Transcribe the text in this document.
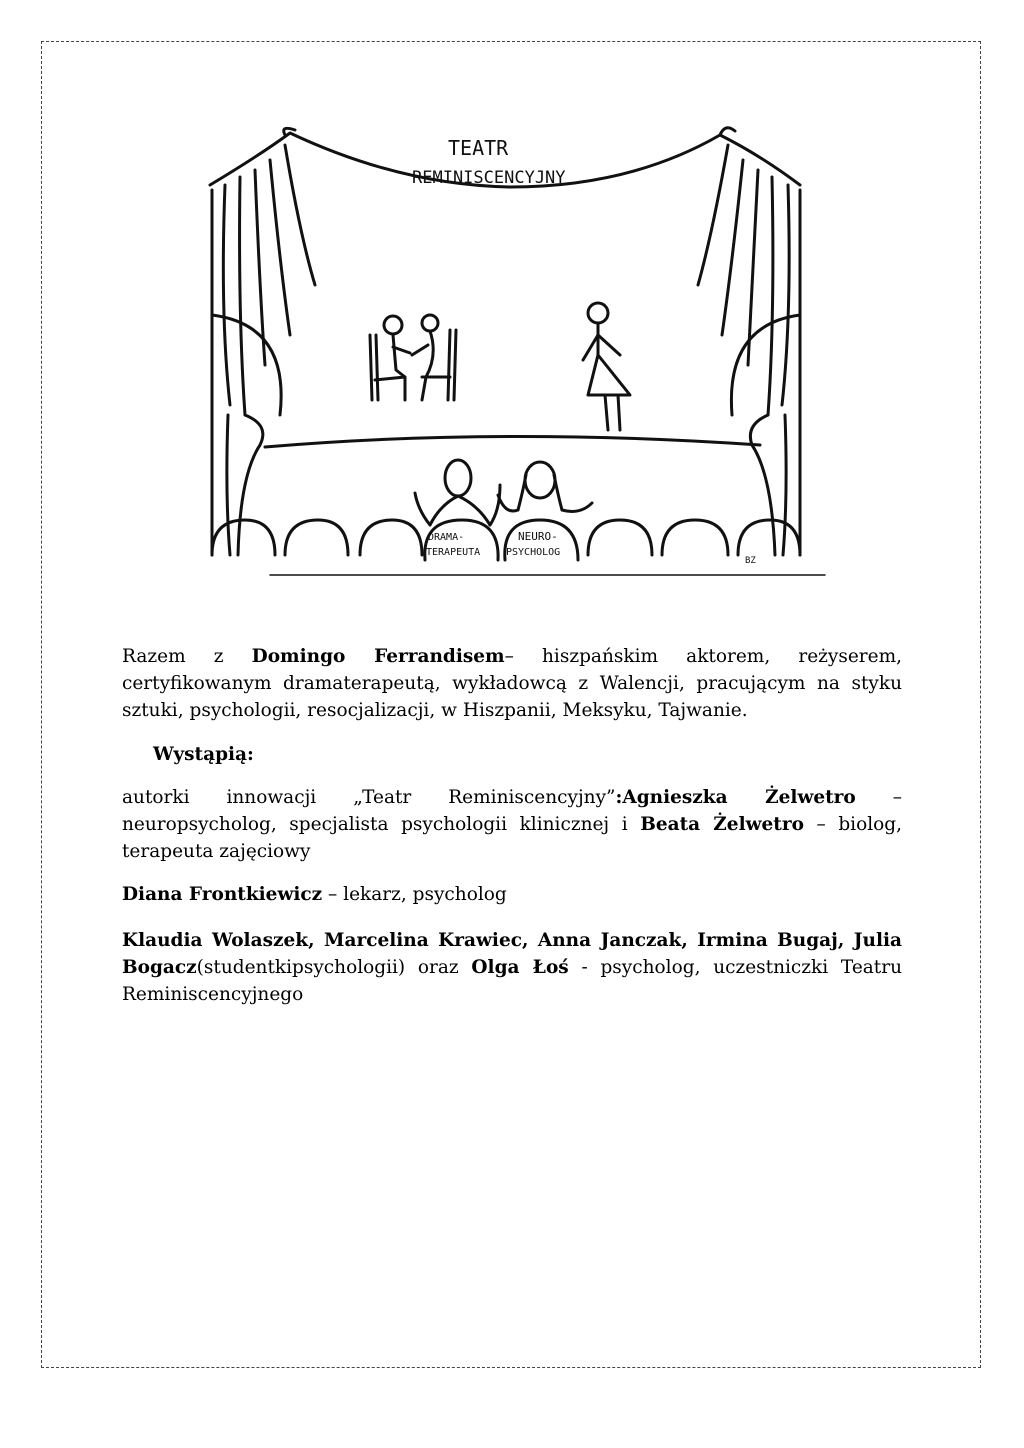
TEATR
REMINISCENCYJNY
DRAMA-
TERAPEUTA
NEURO-
PSYCHOLOG
BZ
Razem z Domingo Ferrandisem– hiszpańskim aktorem, reżyserem, certyfikowanym dramaterapeutą, wykładowcą z Walencji, pracującym na styku sztuki, psychologii, resocjalizacji, w Hiszpanii, Meksyku, Tajwanie.
Wystąpią:
autorki innowacji „Teatr Reminiscencyjny”:Agnieszka Żelwetro – neuropsycholog, specjalista psychologii klinicznej i Beata Żelwetro – biolog, terapeuta zajęciowy
Diana Frontkiewicz – lekarz, psycholog
Klaudia Wolaszek, Marcelina Krawiec, Anna Janczak, Irmina Bugaj, Julia Bogacz(studentkipsychologii) oraz Olga Łoś - psycholog, uczestniczki Teatru Reminiscencyjnego
